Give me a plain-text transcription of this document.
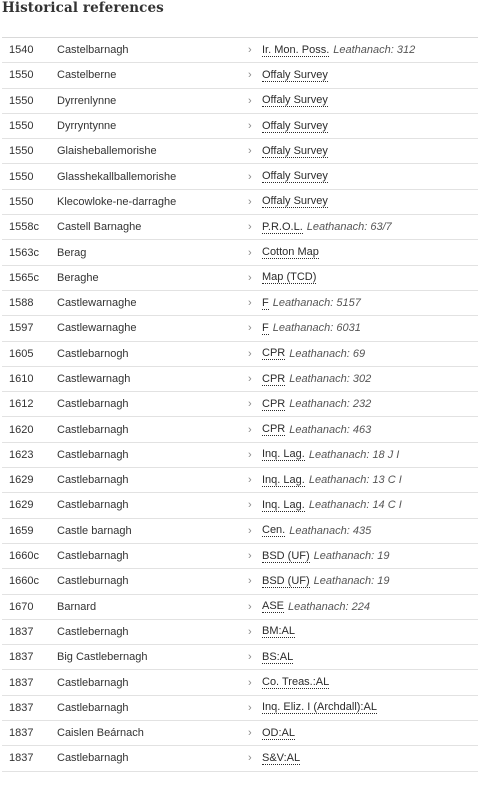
Historical references
1540	Castelbarnagh	› Ir. Mon. Poss. Leathanach: 312
1550	Castelberne	› Offaly Survey
1550	Dyrrenlynne	› Offaly Survey
1550	Dyrryntynne	› Offaly Survey
1550	Glaisheballemorishe	› Offaly Survey
1550	Glasshekallballemorishe	› Offaly Survey
1550	Klecowloke-ne-darraghe	› Offaly Survey
1558c	Castell Barnaghe	› P.R.O.L. Leathanach: 63/7
1563c	Berag	› Cotton Map
1565c	Beraghe	› Map (TCD)
1588	Castlewarnaghe	› F Leathanach: 5157
1597	Castlewarnaghe	› F Leathanach: 6031
1605	Castlebarnogh	› CPR Leathanach: 69
1610	Castlewarnagh	› CPR Leathanach: 302
1612	Castlebarnagh	› CPR Leathanach: 232
1620	Castlebarnagh	› CPR Leathanach: 463
1623	Castlebarnagh	› Inq. Lag. Leathanach: 18 J I
1629	Castlebarnagh	› Inq. Lag. Leathanach: 13 C I
1629	Castlebarnagh	› Inq. Lag. Leathanach: 14 C I
1659	Castle barnagh	› Cen. Leathanach: 435
1660c	Castlebarnagh	› BSD (UF) Leathanach: 19
1660c	Castleburnagh	› BSD (UF) Leathanach: 19
1670	Barnard	› ASE Leathanach: 224
1837	Castlebernagh	› BM:AL
1837	Big Castlebernagh	› BS:AL
1837	Castlebarnagh	› Co. Treas.:AL
1837	Castlebarnagh	› Inq. Eliz. I (Archdall):AL
1837	Caislen Beárnach	› OD:AL
1837	Castlebarnagh	› S&V:AL
